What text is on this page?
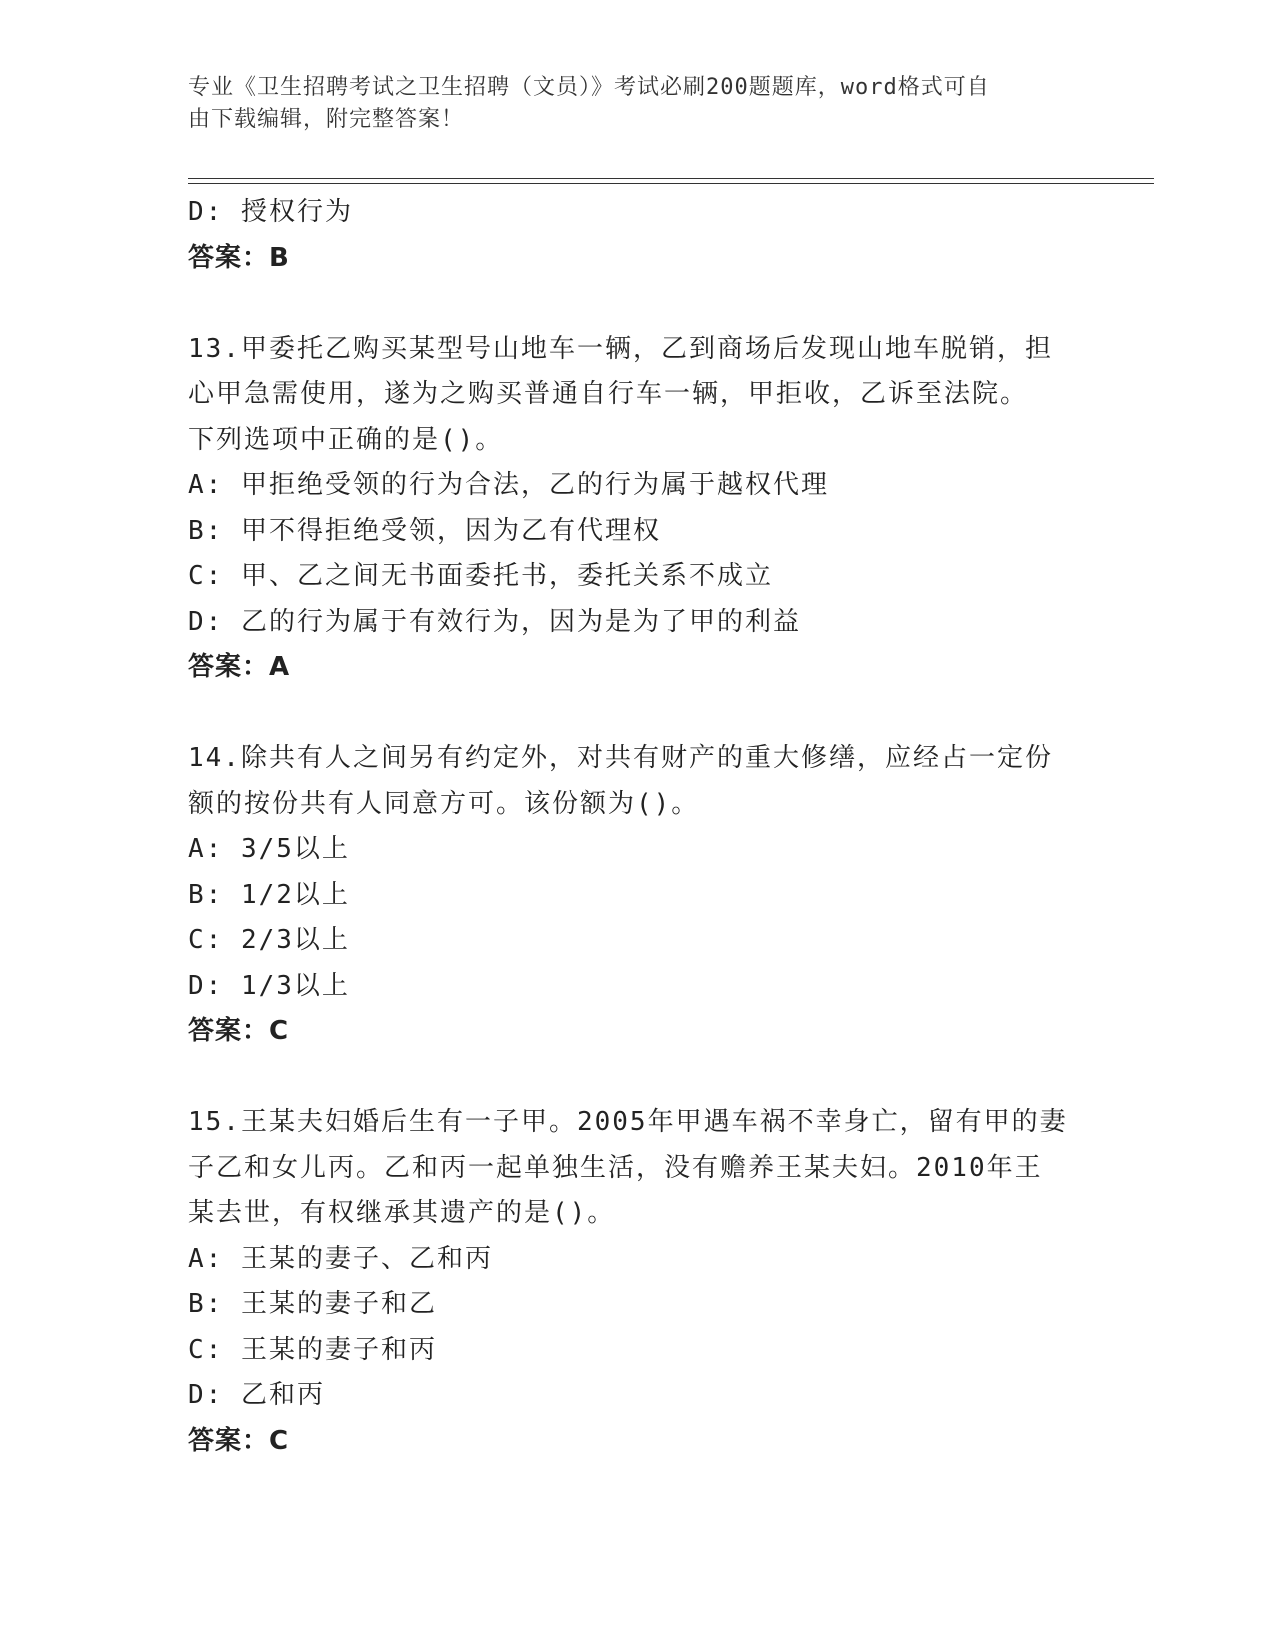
专业《卫生招聘考试之卫生招聘（文员）》考试必刷200题题库，word格式可自
由下载编辑，附完整答案！
D: 授权行为
答案：B
13.甲委托乙购买某型号山地车一辆，乙到商场后发现山地车脱销，担
心甲急需使用，遂为之购买普通自行车一辆，甲拒收，乙诉至法院。
下列选项中正确的是()。
A: 甲拒绝受领的行为合法，乙的行为属于越权代理
B: 甲不得拒绝受领，因为乙有代理权
C: 甲、乙之间无书面委托书，委托关系不成立
D: 乙的行为属于有效行为，因为是为了甲的利益
答案：A
14.除共有人之间另有约定外，对共有财产的重大修缮，应经占一定份
额的按份共有人同意方可。该份额为()。
A: 3/5以上
B: 1/2以上
C: 2/3以上
D: 1/3以上
答案：C
15.王某夫妇婚后生有一子甲。2005年甲遇车祸不幸身亡，留有甲的妻
子乙和女儿丙。乙和丙一起单独生活，没有赡养王某夫妇。2010年王
某去世，有权继承其遗产的是()。
A: 王某的妻子、乙和丙
B: 王某的妻子和乙
C: 王某的妻子和丙
D: 乙和丙
答案：C
